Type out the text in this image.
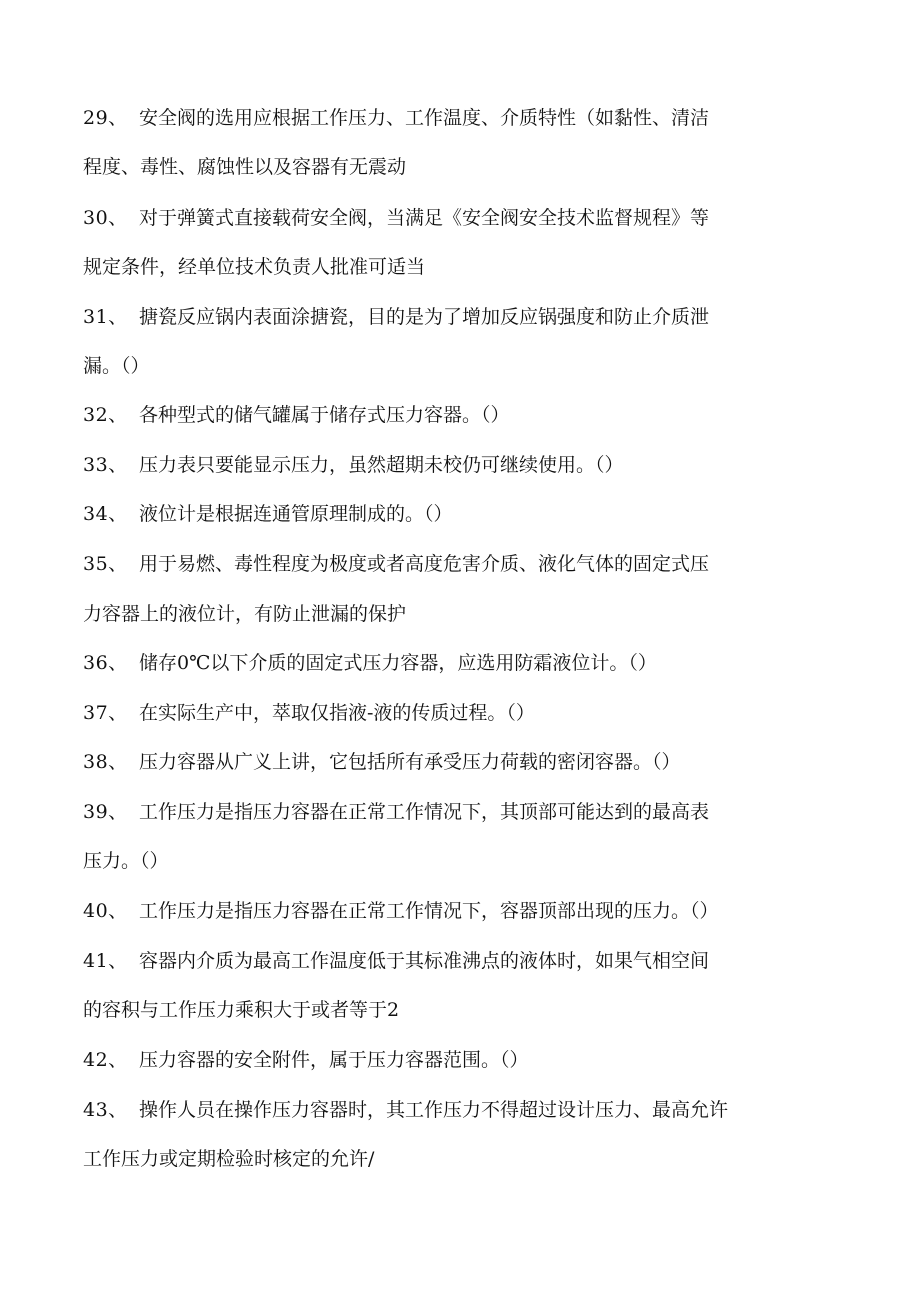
29、 安全阀的选用应根据工作压力、工作温度、介质特性（如黏性、清洁
程度、毒性、腐蚀性以及容器有无震动
30、 对于弹簧式直接载荷安全阀，当满足《安全阀安全技术监督规程》等
规定条件，经单位技术负责人批准可适当
31、 搪瓷反应锅内表面涂搪瓷，目的是为了增加反应锅强度和防止介质泄
漏。（）
32、 各种型式的储气罐属于储存式压力容器。（）
33、 压力表只要能显示压力，虽然超期未校仍可继续使用。（）
34、 液位计是根据连通管原理制成的。（）
35、 用于易燃、毒性程度为极度或者高度危害介质、液化气体的固定式压
力容器上的液位计，有防止泄漏的保护
36、 储存0℃以下介质的固定式压力容器，应选用防霜液位计。（）
37、 在实际生产中，萃取仅指液-液的传质过程。（）
38、 压力容器从广义上讲，它包括所有承受压力荷载的密闭容器。（）
39、 工作压力是指压力容器在正常工作情况下，其顶部可能达到的最高表
压力。（）
40、 工作压力是指压力容器在正常工作情况下，容器顶部出现的压力。（）
41、 容器内介质为最高工作温度低于其标准沸点的液体时，如果气相空间
的容积与工作压力乘积大于或者等于2
42、 压力容器的安全附件，属于压力容器范围。（）
43、 操作人员在操作压力容器时，其工作压力不得超过设计压力、最高允许
工作压力或定期检验时核定的允许/
